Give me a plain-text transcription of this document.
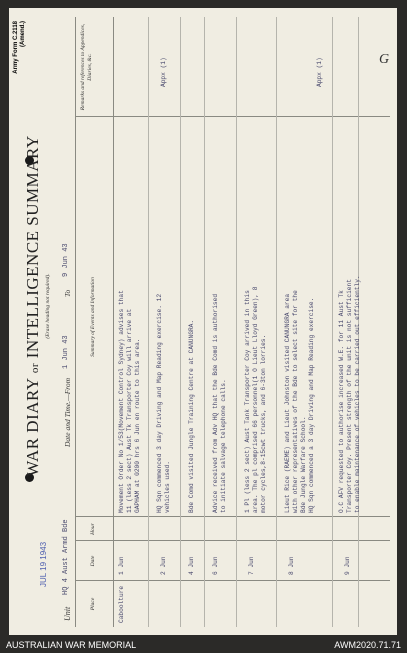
Army Form C.2118 (Amend.)
WAR DIARY or INTELLIGENCE SUMMARY (Erase heading not required).
JUL 19 1943
Unit
HQ 4 Aust Armd Bde
Date and Time.—From
1 Jun 43
To
9 Jun 43
Place
Date
Hour
Summary of Events and Information
Remarks and references to Appendices, Diaries, &c.
Caboolture
1 Jun
Movement Order No 1/53(Movement Control Sydney) advises that
11 (less 2 sect) Aust Tk Transporter Coy will arrive at
GAPHAM at 0200 hrs 6 Jun en route to this area.
2 Jun
HQ Sqn commenced 3 day Driving and Map Reading exercise. 12
vehicles used.
Appx (1)
4 Jun
Bde Comd visited Jungle Training Centre at CANUNGRA.
6 Jun
Advice received from Adv HQ that the Bde Comd is authorised
to initiate salvage telephone calls.
7 Jun
1 Pl (less 2 sect) Aust Tank Transporter Coy arrived in this
area. The pl comprised 66 personnel(1 O Lieut Lloyd Green), 8
motor cycles,8-15cwt trucks, and 6-3ton lorries.
8 Jun
Lieut Rice (RAEME) and Lieut Johnston visited CANUNGRA area
with other representatives of the Bde to select site for the
Bde Jungle Warfare School.
HQ Sqn commenced a 3 day Driving and Map Reading exercise.
Appx (1)
9 Jun
O.C AFV requested to authorise increased W.E. for 11 Aust Tk
Transporter Coy. Present strength of the unit is not sufficient
to enable maintenance of vehicles to be carried out efficiently.
G
AUSTRALIAN WAR MEMORIAL	AWM2020.71.71
